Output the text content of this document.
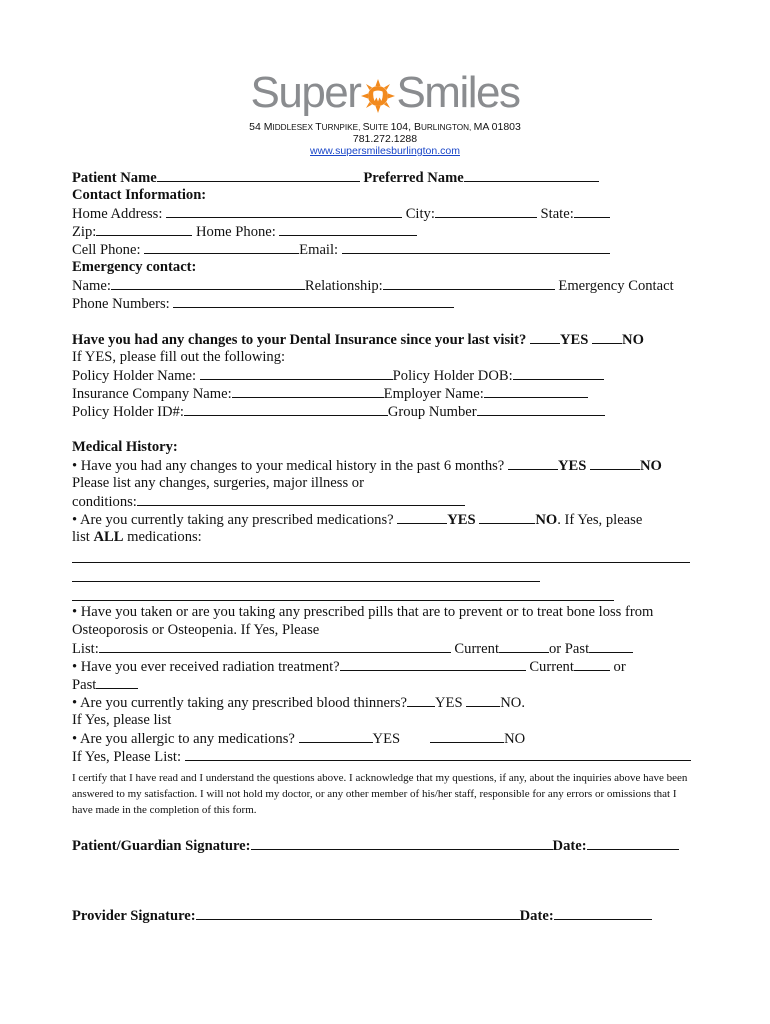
Super Smiles
54 MIDDLESEX TURNPIKE, SUITE 104, BURLINGTON, MA 01803
781.272.1288
www.supersmilesburlington.com
Patient Name	Preferred Name
Contact Information:
Home Address:	City:	State:
Zip:	Home Phone:
Cell Phone:	Email:
Emergency contact:
Name:	Relationship:	Emergency Contact
Phone Numbers:
Have you had any changes to your Dental Insurance since your last visit? YES NO
If YES, please fill out the following:
Policy Holder Name:	Policy Holder DOB:
Insurance Company Name:	Employer Name:
Policy Holder ID#:	Group Number
Medical History:
• Have you had any changes to your medical history in the past 6 months?	YES	NO
Please list any changes, surgeries, major illness or
conditions:
• Are you currently taking any prescribed medications?	YES	NO. If Yes, please
list ALL medications:
• Have you taken or are you taking any prescribed pills that are to prevent or to treat bone loss from
Osteoporosis or Osteopenia. If Yes, Please
List:	Current	or Past
• Have you ever received radiation treatment?	Current or
Past
• Are you currently taking any prescribed blood thinners? YES	NO.
If Yes, please list
• Are you allergic to any medications?	YES	NO
If Yes, Please List:
I certify that I have read and I understand the questions above. I acknowledge that my questions, if any, about the inquiries above have been answered to my satisfaction. I will not hold my doctor, or any other member of his/her staff, responsible for any errors or omissions that I have made in the completion of this form.
Patient/Guardian Signature:	Date:
Provider Signature:	Date:
